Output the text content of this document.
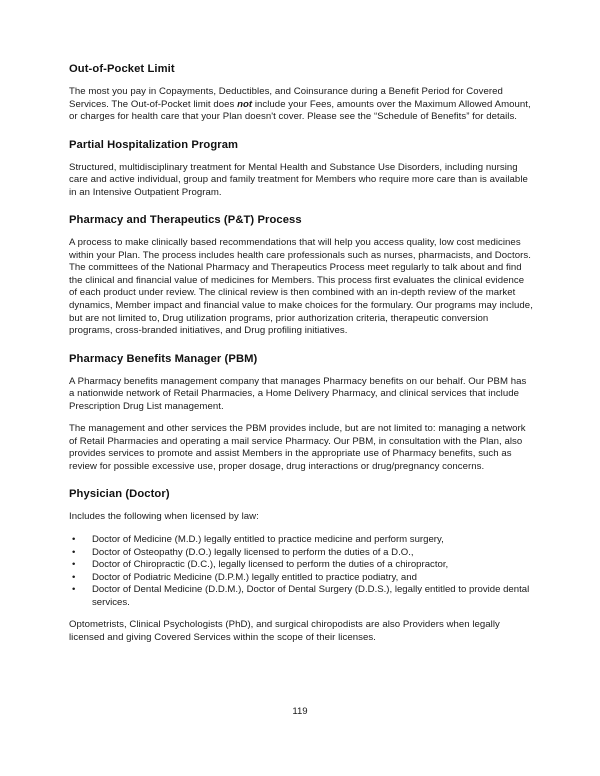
Out-of-Pocket Limit

The most you pay in Copayments, Deductibles, and Coinsurance during a Benefit Period for Covered Services. The Out-of-Pocket limit does not include your Fees, amounts over the Maximum Allowed Amount, or charges for health care that your Plan doesn't cover. Please see the “Schedule of Benefits” for details.

Partial Hospitalization Program

Structured, multidisciplinary treatment for Mental Health and Substance Use Disorders, including nursing care and active individual, group and family treatment for Members who require more care than is available in an Intensive Outpatient Program.

Pharmacy and Therapeutics (P&T) Process

A process to make clinically based recommendations that will help you access quality, low cost medicines within your Plan. The process includes health care professionals such as nurses, pharmacists, and Doctors. The committees of the National Pharmacy and Therapeutics Process meet regularly to talk about and find the clinical and financial value of medicines for Members. This process first evaluates the clinical evidence of each product under review. The clinical review is then combined with an in-depth review of the market dynamics, Member impact and financial value to make choices for the formulary. Our programs may include, but are not limited to, Drug utilization programs, prior authorization criteria, therapeutic conversion programs, cross-branded initiatives, and Drug profiling initiatives.

Pharmacy Benefits Manager (PBM)

A Pharmacy benefits management company that manages Pharmacy benefits on our behalf. Our PBM has a nationwide network of Retail Pharmacies, a Home Delivery Pharmacy, and clinical services that include Prescription Drug List management.

The management and other services the PBM provides include, but are not limited to: managing a network of Retail Pharmacies and operating a mail service Pharmacy. Our PBM, in consultation with the Plan, also provides services to promote and assist Members in the appropriate use of Pharmacy benefits, such as review for possible excessive use, proper dosage, drug interactions or drug/pregnancy concerns.

Physician (Doctor)

Includes the following when licensed by law:

• Doctor of Medicine (M.D.) legally entitled to practice medicine and perform surgery,
• Doctor of Osteopathy (D.O.) legally licensed to perform the duties of a D.O.,
• Doctor of Chiropractic (D.C.), legally licensed to perform the duties of a chiropractor,
• Doctor of Podiatric Medicine (D.P.M.) legally entitled to practice podiatry, and
• Doctor of Dental Medicine (D.D.M.), Doctor of Dental Surgery (D.D.S.), legally entitled to provide dental services.

Optometrists, Clinical Psychologists (PhD), and surgical chiropodists are also Providers when legally licensed and giving Covered Services within the scope of their licenses.

119
